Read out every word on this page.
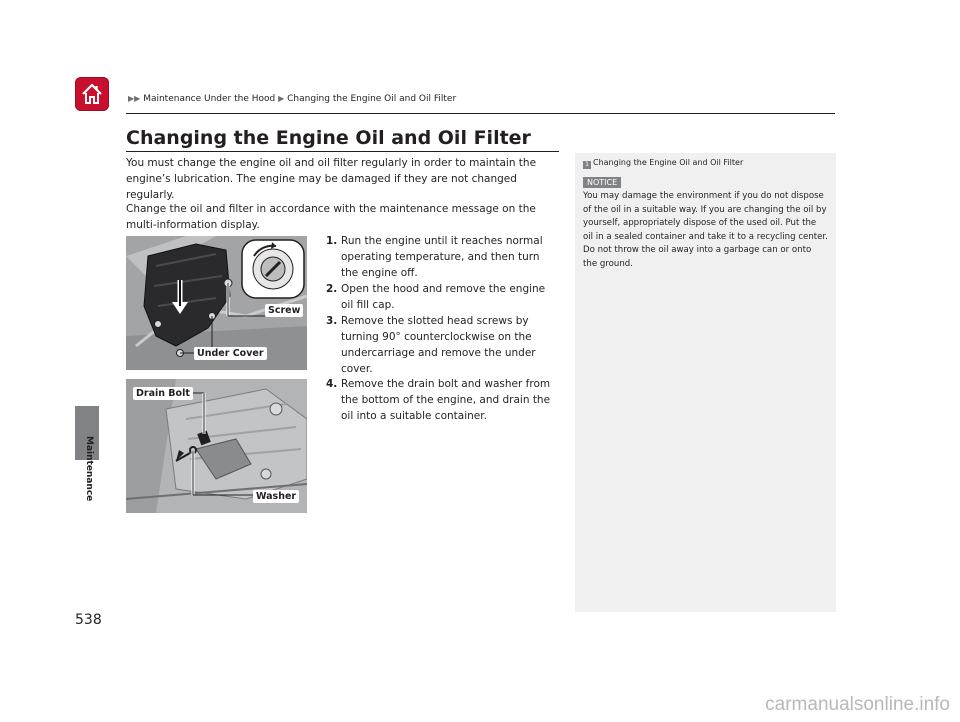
▶▶ Maintenance Under the Hood ▶ Changing the Engine Oil and Oil Filter
Maintenance
538
Changing the Engine Oil and Oil Filter
You must change the engine oil and oil filter regularly in order to maintain the engine’s lubrication. The engine may be damaged if they are not changed regularly.
Change the oil and filter in accordance with the maintenance message on the multi-information display.
1. Run the engine until it reaches normal operating temperature, and then turn the engine off.
2. Open the hood and remove the engine oil fill cap.
3. Remove the slotted head screws by turning 90° counterclockwise on the undercarriage and remove the under cover.
4. Remove the drain bolt and washer from the bottom of the engine, and drain the oil into a suitable container.
Screw
Under Cover
Drain Bolt
Washer
1 Changing the Engine Oil and Oil Filter
NOTICE
You may damage the environment if you do not dispose of the oil in a suitable way. If you are changing the oil by yourself, appropriately dispose of the used oil. Put the oil in a sealed container and take it to a recycling center. Do not throw the oil away into a garbage can or onto the ground.
carmanualsonline.info
